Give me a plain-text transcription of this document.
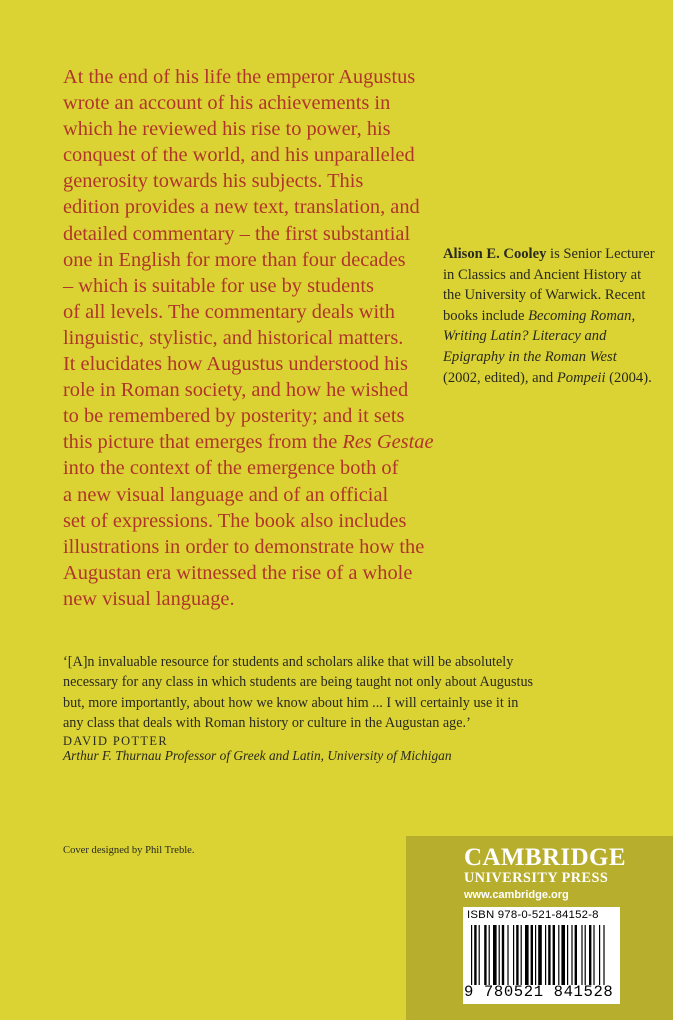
At the end of his life the emperor Augustus

wrote an account of his achievements in

which he reviewed his rise to power, his

conquest of the world, and his unparalleled

generosity towards his subjects. This

edition provides a new text, translation, and

detailed commentary – the first substantial

one in English for more than four decades

– which is suitable for use by students

of all levels. The commentary deals with

linguistic, stylistic, and historical matters.

It elucidates how Augustus understood his

role in Roman society, and how he wished

to be remembered by posterity; and it sets

this picture that emerges from the Res Gestae

into the context of the emergence both of

a new visual language and of an official

set of expressions. The book also includes

illustrations in order to demonstrate how the

Augustan era witnessed the rise of a whole

new visual language.

Alison E. Cooley is Senior Lecturer in Classics and Ancient History at the University of Warwick. Recent books include Becoming Roman, Writing Latin? Literacy and Epigraphy in the Roman West (2002, edited), and Pompeii (2004).
‘[A]n invaluable resource for students and scholars alike that will be absolutely
necessary for any class in which students are being taught not only about Augustus
but, more importantly, about how we know about him ... I will certainly use it in
any class that deals with Roman history or culture in the Augustan age.’
DAVID POTTER
Arthur F. Thurnau Professor of Greek and Latin, University of Michigan
Cover designed by Phil Treble.	CAMBRIDGE
UNIVERSITY PRESS
www.cambridge.org
ISBN 978-0-521-84152-8
9 780521 841528
